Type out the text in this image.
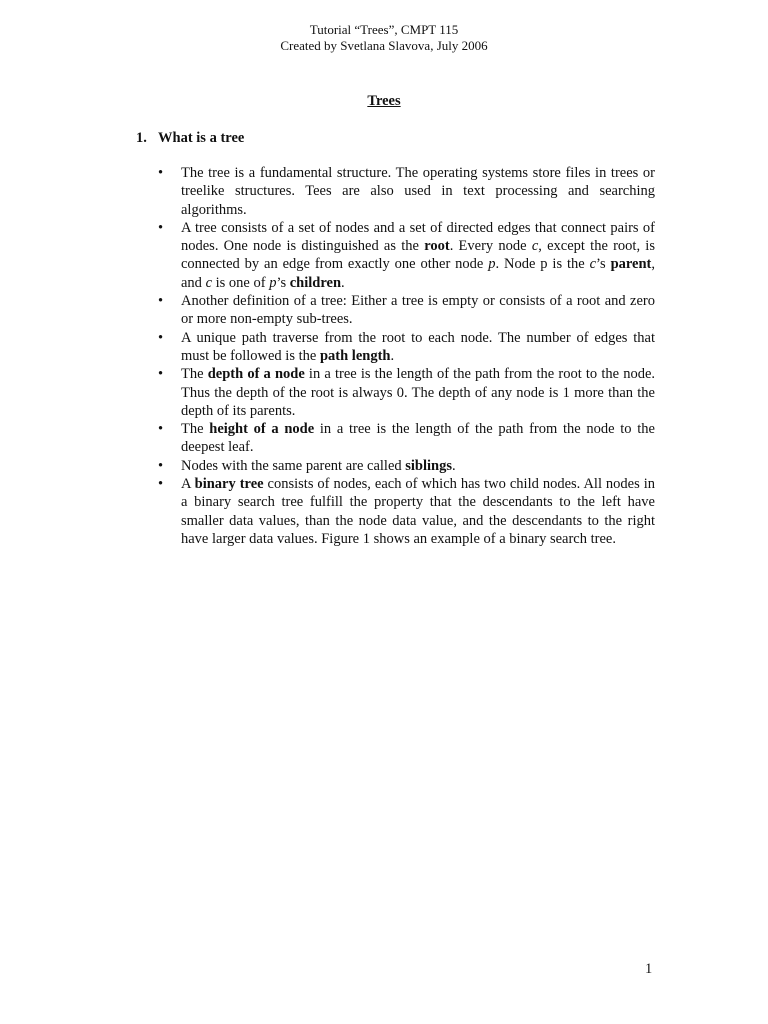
Tutorial “Trees”, CMPT 115
Created by Svetlana Slavova, July 2006
Trees
1. What is a tree
• The tree is a fundamental structure. The operating systems store files in trees or treelike structures. Tees are also used in text processing and searching algorithms.
• A tree consists of a set of nodes and a set of directed edges that connect pairs of nodes. One node is distinguished as the root. Every node c, except the root, is connected by an edge from exactly one other node p. Node p is the c’s parent, and c is one of p’s children.
• Another definition of a tree: Either a tree is empty or consists of a root and zero or more non-empty sub-trees.
• A unique path traverse from the root to each node. The number of edges that must be followed is the path length.
• The depth of a node in a tree is the length of the path from the root to the node. Thus the depth of the root is always 0. The depth of any node is 1 more than the depth of its parents.
• The height of a node in a tree is the length of the path from the node to the deepest leaf.
• Nodes with the same parent are called siblings.
• A binary tree consists of nodes, each of which has two child nodes. All nodes in a binary search tree fulfill the property that the descendants to the left have smaller data values, than the node data value, and the descendants to the right have larger data values. Figure 1 shows an example of a binary search tree.
1
